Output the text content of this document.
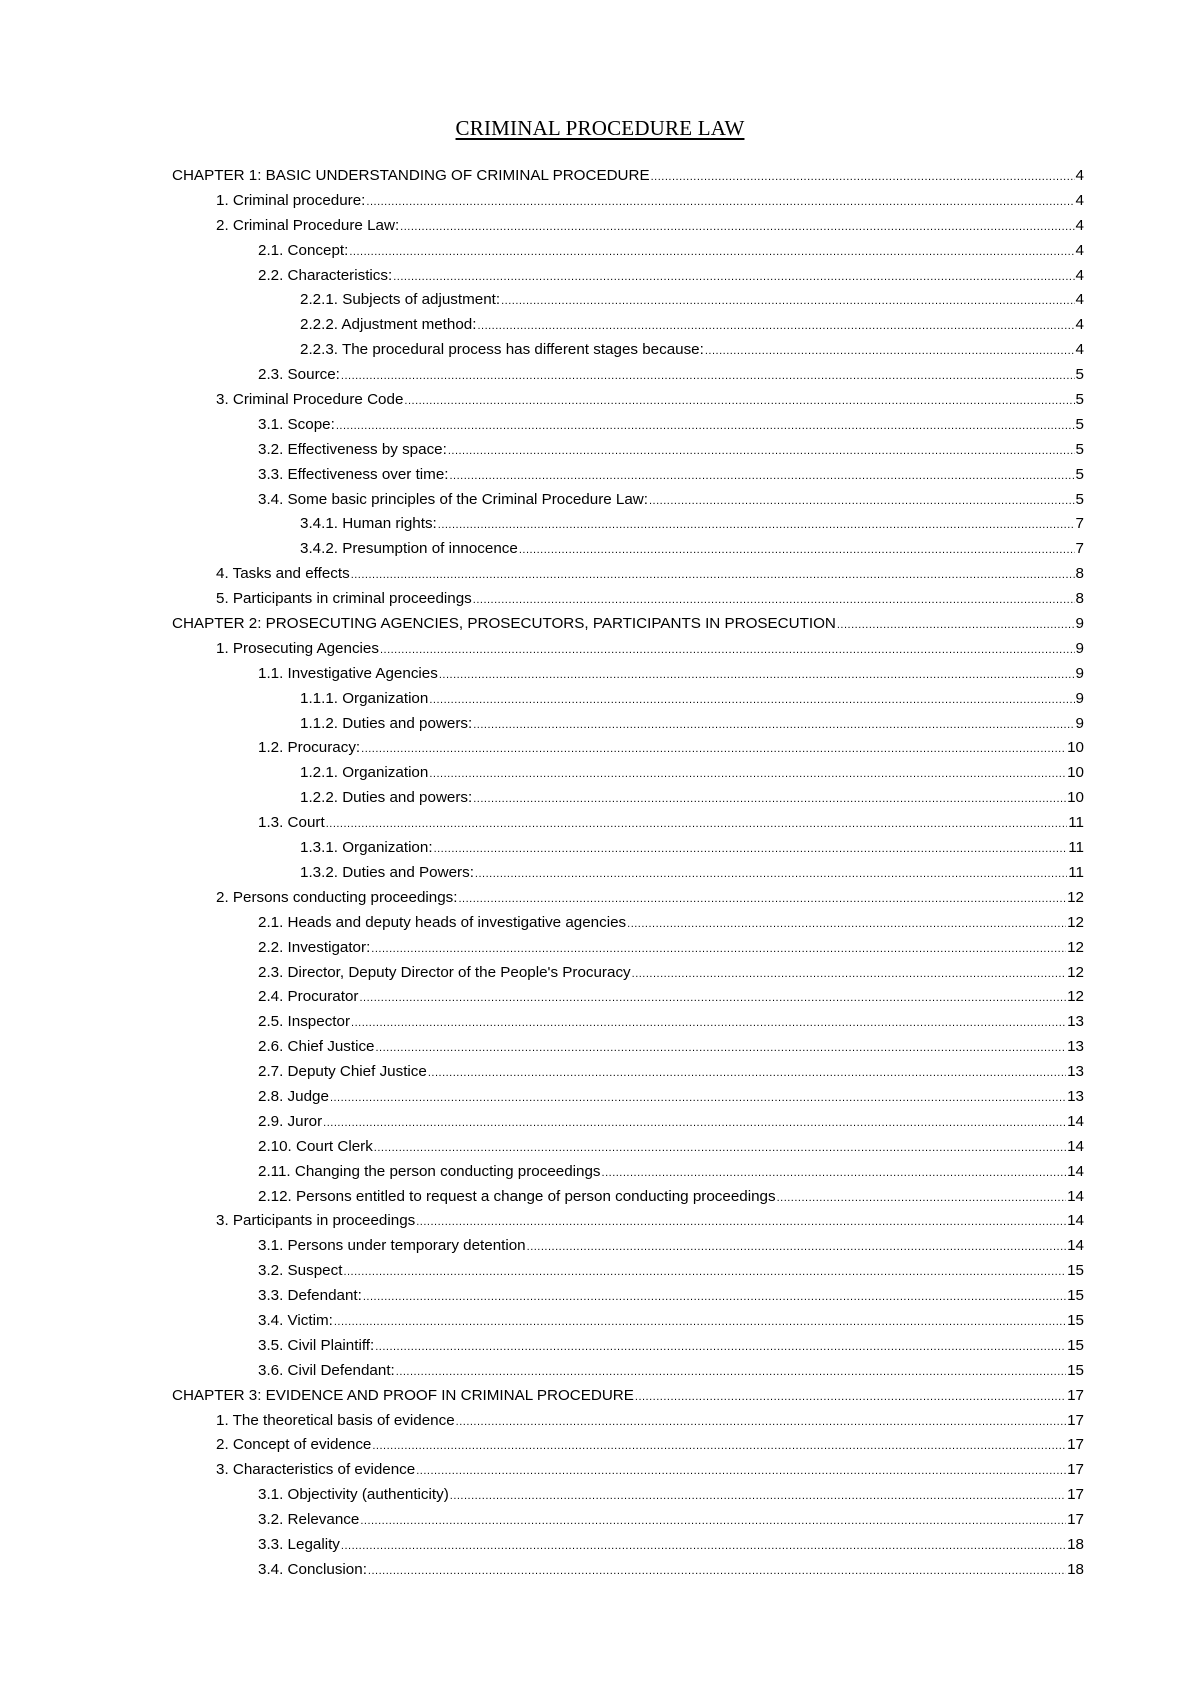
CRIMINAL PROCEDURE LAW
CHAPTER 1: BASIC UNDERSTANDING OF CRIMINAL PROCEDURE .....	4
1. Criminal procedure: .....	4
2. Criminal Procedure Law: .....	4
2.1. Concept: .....	4
2.2. Characteristics: .....	4
2.2.1. Subjects of adjustment: .....	4
2.2.2. Adjustment method: .....	4
2.2.3. The procedural process has different stages because: .....	4
2.3. Source: .....	5
3. Criminal Procedure Code .....	5
3.1. Scope: .....	5
3.2. Effectiveness by space: .....	5
3.3. Effectiveness over time: .....	5
3.4. Some basic principles of the Criminal Procedure Law: .....	5
3.4.1. Human rights: .....	7
3.4.2. Presumption of innocence .....	7
4. Tasks and effects .....	8
5. Participants in criminal proceedings .....	8
CHAPTER 2: PROSECUTING AGENCIES, PROSECUTORS, PARTICIPANTS IN PROSECUTION .....	9
1. Prosecuting Agencies .....	9
1.1. Investigative Agencies .....	9
1.1.1. Organization .....	9
1.1.2. Duties and powers: .....	9
1.2. Procuracy: .....	10
1.2.1. Organization .....	10
1.2.2. Duties and powers: .....	10
1.3. Court .....	11
1.3.1. Organization: .....	11
1.3.2. Duties and Powers: .....	11
2. Persons conducting proceedings: .....	12
2.1. Heads and deputy heads of investigative agencies .....	12
2.2. Investigator: .....	12
2.3. Director, Deputy Director of the People's Procuracy .....	12
2.4. Procurator .....	12
2.5. Inspector .....	13
2.6. Chief Justice .....	13
2.7. Deputy Chief Justice .....	13
2.8. Judge .....	13
2.9. Juror .....	14
2.10. Court Clerk .....	14
2.11. Changing the person conducting proceedings .....	14
2.12. Persons entitled to request a change of person conducting proceedings .....	14
3. Participants in proceedings .....	14
3.1. Persons under temporary detention .....	14
3.2. Suspect .....	15
3.3. Defendant: .....	15
3.4. Victim: .....	15
3.5. Civil Plaintiff: .....	15
3.6. Civil Defendant: .....	15
CHAPTER 3: EVIDENCE AND PROOF IN CRIMINAL PROCEDURE .....	17
1. The theoretical basis of evidence .....	17
2. Concept of evidence .....	17
3. Characteristics of evidence .....	17
3.1. Objectivity (authenticity) .....	17
3.2. Relevance .....	17
3.3. Legality .....	18
3.4. Conclusion: .....	18
